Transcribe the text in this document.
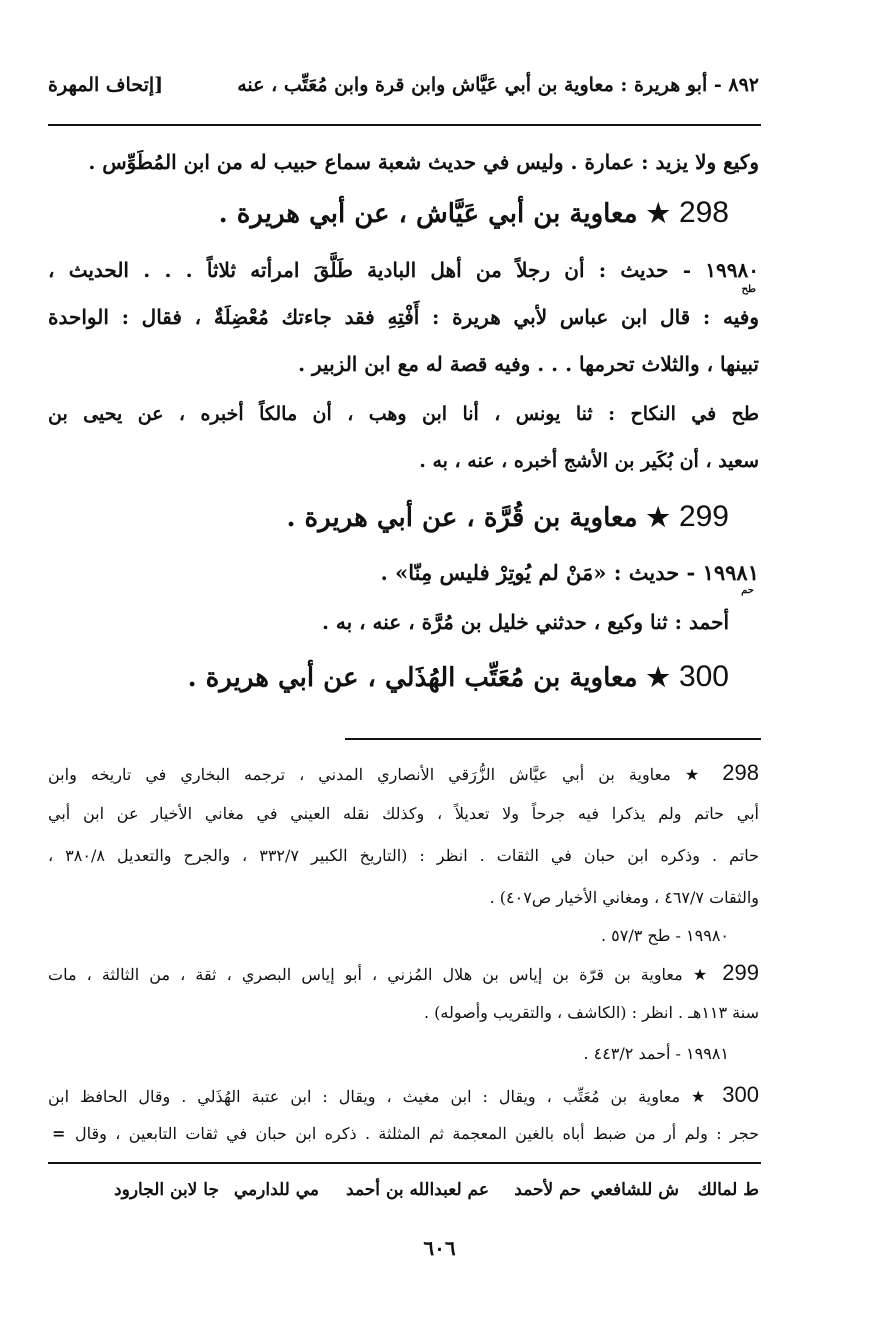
٨٩٢ - أبو هريرة : معاوية بن أبي عَيَّاش وابن قرة وابن مُعَتِّب ، عنه
[إتحاف المهرة
وكيع ولا يزيد : عمارة . وليس في حديث شعبة سماع حبيب له من ابن المُطَوِّس .
298 ★ معاوية بن أبي عَيَّاش ، عن أبي هريرة .
١٩٩٨٠ - حديث : أن رجلاً من أهل البادية طَلَّقَ امرأته ثلاثاً . . . الحديث ،
طح
وفيه : قال ابن عباس لأبي هريرة : أَفْتِهِ فقد جاءتك مُعْضِلَةٌ ، فقال : الواحدة
تبينها ، والثلاث تحرمها . . . وفيه قصة له مع ابن الزبير .
طح في النكاح : ثنا يونس ، أنا ابن وهب ، أن مالكاً أخبره ، عن يحيى بن
سعيد ، أن بُكَير بن الأشج أخبره ، عنه ، به .
299 ★ معاوية بن قُرَّة ، عن أبي هريرة .
١٩٩٨١ - حديث : «مَنْ لم يُوتِرْ فليس مِنّا» .
حم
أحمد : ثنا وكيع ، حدثني خليل بن مُرَّة ، عنه ، به .
300 ★ معاوية بن مُعَتِّب الهُذَلي ، عن أبي هريرة .
298 ★ معاوية بن أبي عيَّاش الزُّرَقي الأنصاري المدني ، ترجمه البخاري في تاريخه وابن
أبي حاتم ولم يذكرا فيه جرحاً ولا تعديلاً ، وكذلك نقله العيني في مغاني الأخيار عن ابن أبي
حاتم . وذكره ابن حبان في الثقات . انظر : (التاريخ الكبير ٣٣٢/٧ ، والجرح والتعديل ٣٨٠/٨ ،
والثقات ٤٦٧/٧ ، ومغاني الأخيار ص٤٠٧) .
١٩٩٨٠ - طح ٥٧/٣ .
299 ★ معاوية بن قرّة بن إياس بن هلال المُزني ، أبو إياس البصري ، ثقة ، من الثالثة ، مات
سنة ١١٣هـ . انظر : (الكاشف ، والتقريب وأصوله) .
١٩٩٨١ - أحمد ٤٤٣/٢ .
300 ★ معاوية بن مُعَتِّب ، ويقال : ابن مغيث ، ويقال : ابن عتبة الهُذَلي . وقال الحافظ ابن
حجر : ولم أر من ضبط أباه بالغين المعجمة ثم المثلثة . ذكره ابن حبان في ثقات التابعين ، وقال
=
ط لمالك
ش للشافعي
حم لأحمد
عم لعبدالله بن أحمد
مي للدارمي
جا لابن الجارود
٦٠٦
